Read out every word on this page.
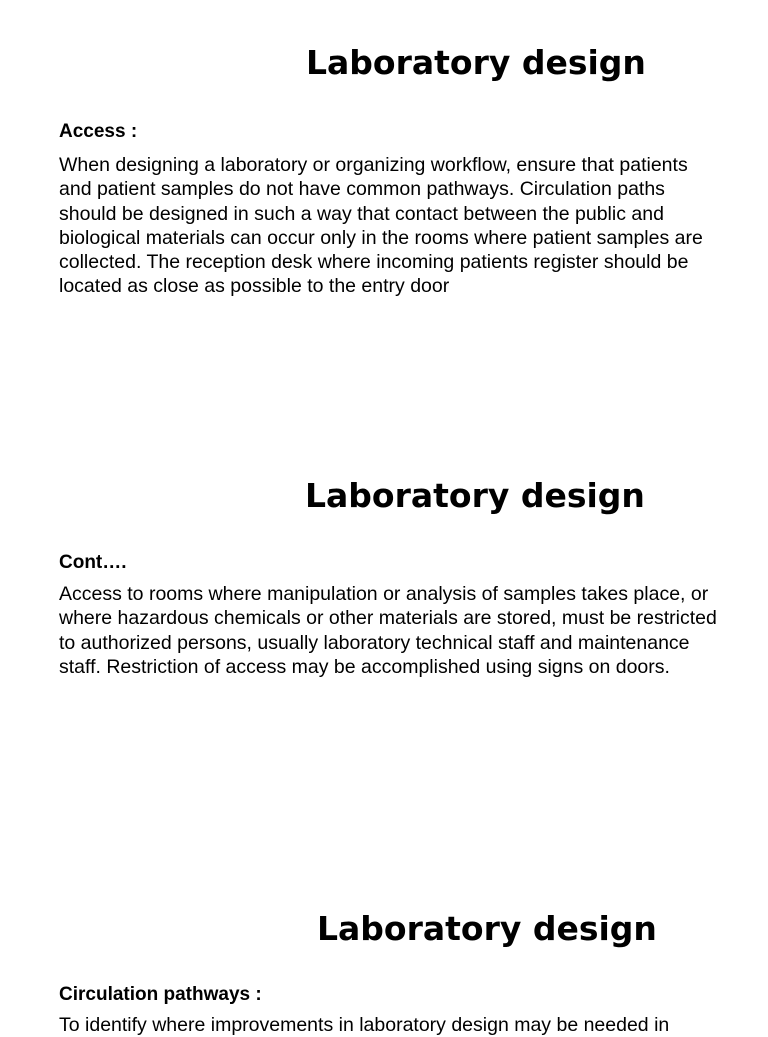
Laboratory design
Access :

When designing a laboratory or organizing workflow, ensure that patients and patient samples do not have common pathways. Circulation paths should be designed in such a way that contact between the public and biological materials can occur only in the rooms where patient samples are collected. The reception desk where incoming patients register should be located as close as possible to the entry door

Laboratory design
Cont….

Access to rooms where manipulation or analysis of samples takes place, or where hazardous chemicals or other materials are stored, must be restricted to authorized persons, usually laboratory technical staff and maintenance staff. Restriction of access may be accomplished using signs on doors.

Laboratory design
Circulation pathways :

To identify where improvements in laboratory design may be needed in
